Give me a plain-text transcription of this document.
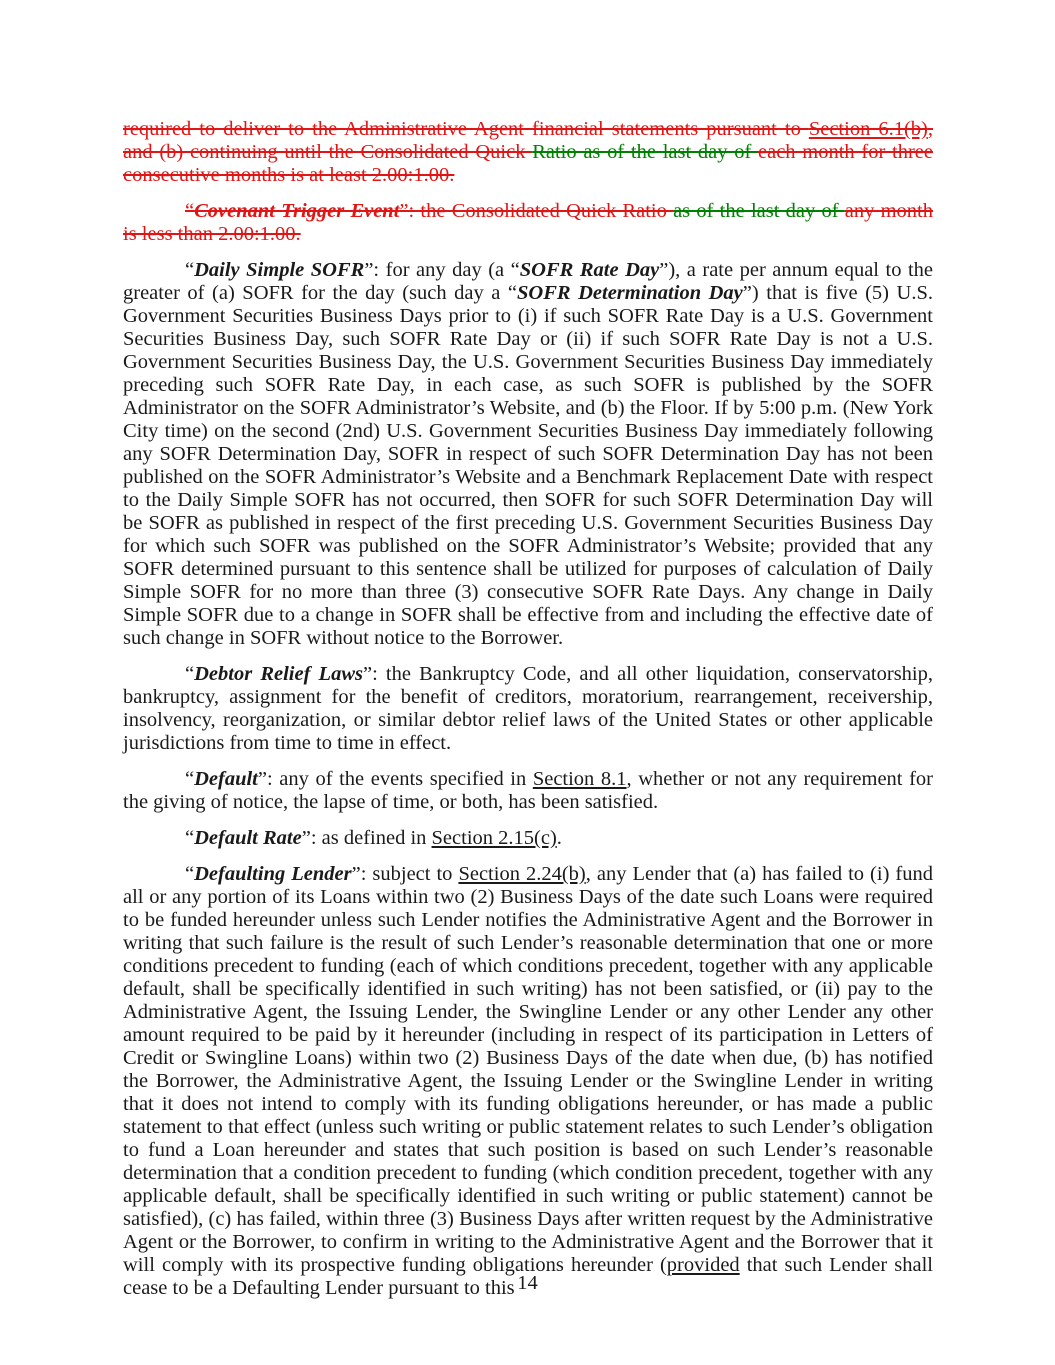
required to deliver to the Administrative Agent financial statements pursuant to Section 6.1(b), and (b) continuing until the Consolidated Quick Ratio as of the last day of each month for three consecutive months is at least 2.00:1.00.

“Covenant Trigger Event”: the Consolidated Quick Ratio as of the last day of any month is less than 2.00:1.00.

“Daily Simple SOFR”: for any day (a “SOFR Rate Day”), a rate per annum equal to the greater of (a) SOFR for the day (such day a “SOFR Determination Day”) that is five (5) U.S. Government Securities Business Days prior to (i) if such SOFR Rate Day is a U.S. Government Securities Business Day, such SOFR Rate Day or (ii) if such SOFR Rate Day is not a U.S. Government Securities Business Day, the U.S. Government Securities Business Day immediately preceding such SOFR Rate Day, in each case, as such SOFR is published by the SOFR Administrator on the SOFR Administrator’s Website, and (b) the Floor. If by 5:00 p.m. (New York City time) on the second (2nd) U.S. Government Securities Business Day immediately following any SOFR Determination Day, SOFR in respect of such SOFR Determination Day has not been published on the SOFR Administrator’s Website and a Benchmark Replacement Date with respect to the Daily Simple SOFR has not occurred, then SOFR for such SOFR Determination Day will be SOFR as published in respect of the first preceding U.S. Government Securities Business Day for which such SOFR was published on the SOFR Administrator’s Website; provided that any SOFR determined pursuant to this sentence shall be utilized for purposes of calculation of Daily Simple SOFR for no more than three (3) consecutive SOFR Rate Days. Any change in Daily Simple SOFR due to a change in SOFR shall be effective from and including the effective date of such change in SOFR without notice to the Borrower.

“Debtor Relief Laws”: the Bankruptcy Code, and all other liquidation, conservatorship, bankruptcy, assignment for the benefit of creditors, moratorium, rearrangement, receivership, insolvency, reorganization, or similar debtor relief laws of the United States or other applicable jurisdictions from time to time in effect.

“Default”: any of the events specified in Section 8.1, whether or not any requirement for the giving of notice, the lapse of time, or both, has been satisfied.

“Default Rate”: as defined in Section 2.15(c).

“Defaulting Lender”: subject to Section 2.24(b), any Lender that (a) has failed to (i) fund all or any portion of its Loans within two (2) Business Days of the date such Loans were required to be funded hereunder unless such Lender notifies the Administrative Agent and the Borrower in writing that such failure is the result of such Lender’s reasonable determination that one or more conditions precedent to funding (each of which conditions precedent, together with any applicable default, shall be specifically identified in such writing) has not been satisfied, or (ii) pay to the Administrative Agent, the Issuing Lender, the Swingline Lender or any other Lender any other amount required to be paid by it hereunder (including in respect of its participation in Letters of Credit or Swingline Loans) within two (2) Business Days of the date when due, (b) has notified the Borrower, the Administrative Agent, the Issuing Lender or the Swingline Lender in writing that it does not intend to comply with its funding obligations hereunder, or has made a public statement to that effect (unless such writing or public statement relates to such Lender’s obligation to fund a Loan hereunder and states that such position is based on such Lender’s reasonable determination that a condition precedent to funding (which condition precedent, together with any applicable default, shall be specifically identified in such writing or public statement) cannot be satisfied), (c) has failed, within three (3) Business Days after written request by the Administrative Agent or the Borrower, to confirm in writing to the Administrative Agent and the Borrower that it will comply with its prospective funding obligations hereunder (provided that such Lender shall cease to be a Defaulting Lender pursuant to this 14
